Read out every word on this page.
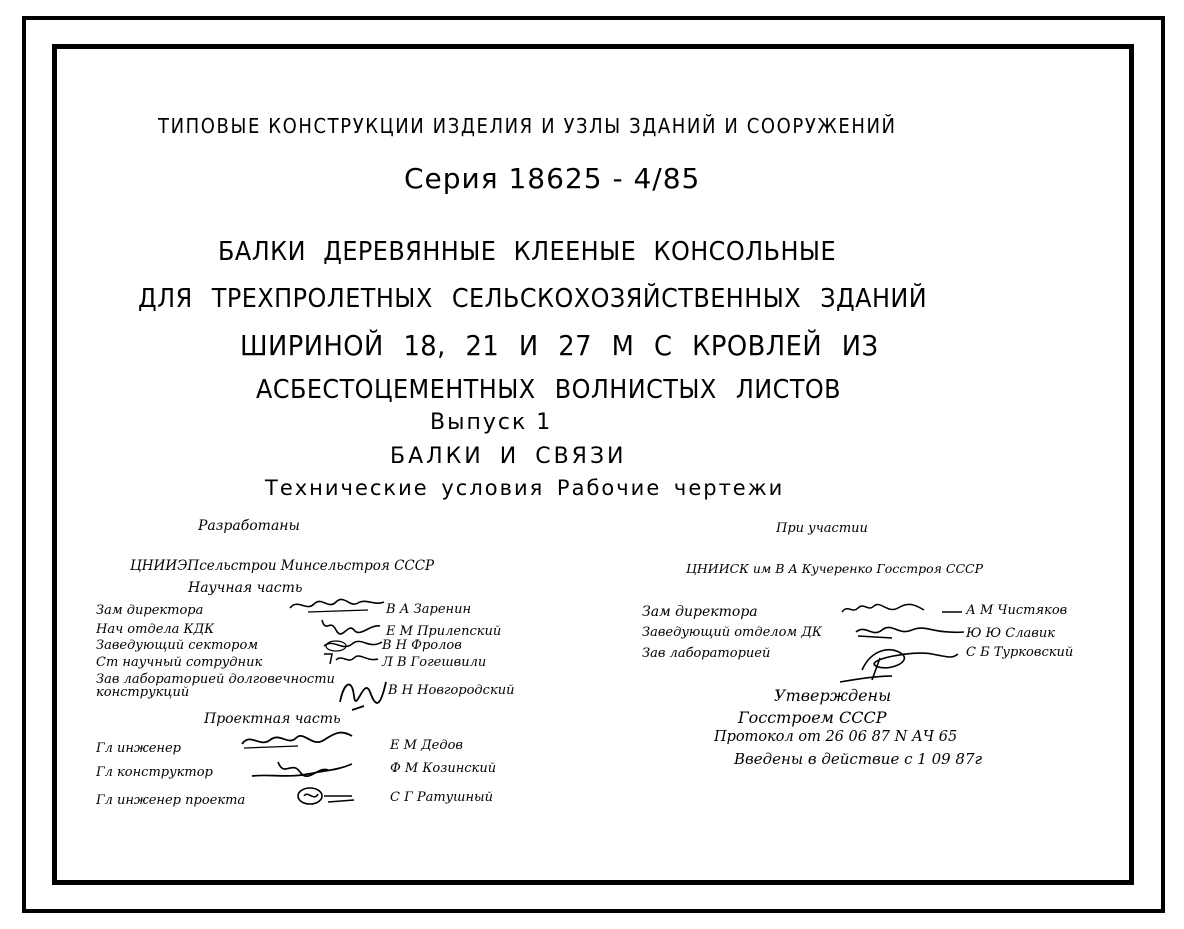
ТИПОВЫЕ КОНСТРУКЦИИ ИЗДЕЛИЯ И УЗЛЫ ЗДАНИЙ И СООРУЖЕНИЙ
Серия 18625 - 4/85
БАЛКИ ДЕРЕВЯННЫЕ КЛЕЕНЫЕ КОНСОЛЬНЫЕ
ДЛЯ ТРЕХПРОЛЕТНЫХ СЕЛЬСКОХОЗЯЙСТВЕННЫХ ЗДАНИЙ
ШИРИНОЙ 18, 21 И 27 М С КРОВЛЕЙ ИЗ
АСБЕСТОЦЕМЕНТНЫХ ВОЛНИСТЫХ ЛИСТОВ
Выпуск 1
БАЛКИ И СВЯЗИ
Технические условия Рабочие чертежи
Разработаны
ЦНИИЭПсельстрои Минсельстроя СССР
Научная часть
Зам директора
Нач отдела КДК
Заведующий сектором
Ст научный сотрудник
Зав лабораторией долговечности
конструкций
В А Заренин
Е М Прилепский
В Н Фролов
Л В Гогешвили
В Н Новгородский
Проектная часть
Гл инженер
Гл конструктор
Гл инженер проекта
Е М Дедов
Ф М Козинский
С Г Ратушный
При участии
ЦНИИСК им В А Кучеренко Госстроя СССР
Зам директора
Заведующий отделом ДК
Зав лабораторией
А М Чистяков
Ю Ю Славик
С Б Турковский
Утверждены
Госстроем СССР
Протокол от 26 06 87 N АЧ 65
Введены в действие с 1 09 87г
